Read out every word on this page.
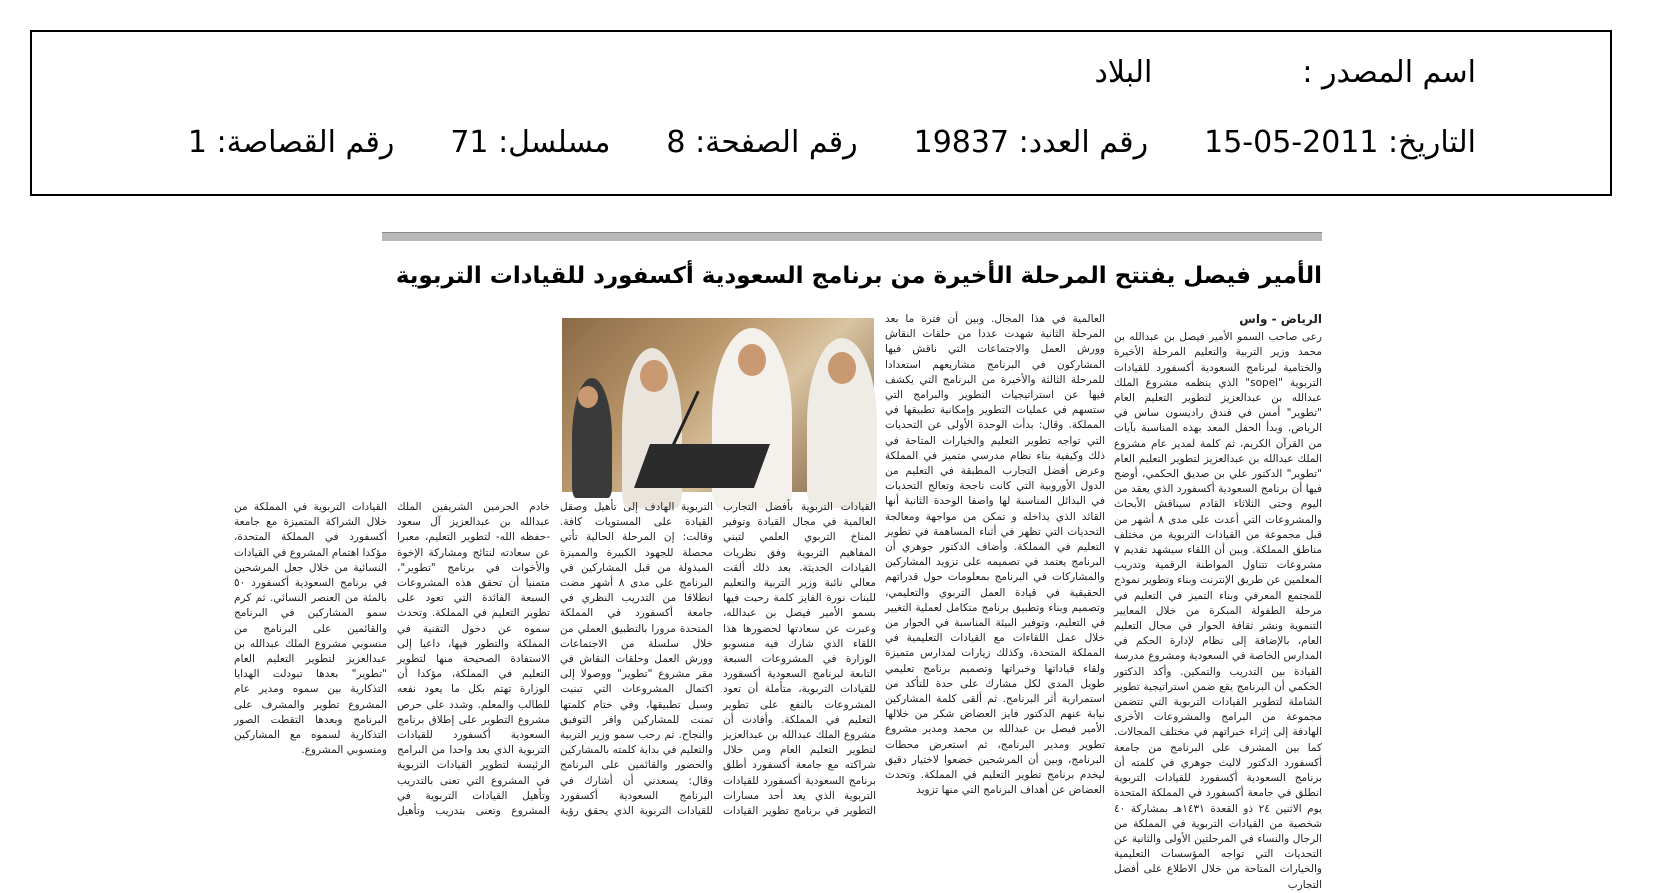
اسم المصدر :البلاد
التاريخ: 15-05-2011رقم العدد: 19837رقم الصفحة: 8مسلسل: 71رقم القصاصة: 1
الأمير فيصل يفتتح المرحلة الأخيرة من برنامج السعودية أكسفورد للقيادات التربوية
الرياض - واس

رعى صاحب السمو الأمير فيصل بن عبدالله بن محمد وزير التربية والتعليم المرحلة الأخيرة والختامية لبرنامج السعودية أكسفورد للقيادات التربوية "sopel" الذي ينظمه مشروع الملك عبدالله بن عبدالعزيز لتطوير التعليم العام "تطوير" أمس في فندق راديسون ساس في الرياض. وبدأ الحفل المعد بهذه المناسبة بآيات من القرآن الكريم، ثم كلمة لمدير عام مشروع الملك عبدالله بن عبدالعزيز لتطوير التعليم العام "تطوير" الدكتور علي بن صديق الحكمي، أوضح فيها أن برنامج السعودية أكسفورد الذي يعقد من اليوم وحتى الثلاثاء القادم سيناقش الأبحاث والمشروعات التي أعدت على مدى ٨ أشهر من قبل مجموعة من القيادات التربوية من مختلف مناطق المملكة. وبين أن اللقاء سيشهد تقديم ٧ مشروعات تتناول المواطنة الرقمية وتدريب المعلمين عن طريق الإنترنت وبناء وتطوير نموذج للمجتمع المعرفي وبناء التميز في التعليم في مرحلة الطفولة المبكرة من خلال المعايير التنموية ونشر ثقافة الحوار في مجال التعليم العام، بالإضافة إلى نظام لإدارة الحكم في المدارس الخاصة في السعودية ومشروع مدرسة القيادة بين التدريب والتمكين. وأكد الدكتور الحكمي أن البرنامج يقع ضمن استراتيجية تطوير الشاملة لتطوير القيادات التربوية التي تتضمن مجموعة من البرامج والمشروعات الأخرى الهادفة إلى إثراء خبراتهم في مختلف المجالات. كما بين المشرف على البرنامج من جامعة أكسفورد الدكتور لاليث جوهري في كلمته أن برنامج السعودية أكسفورد للقيادات التربوية انطلق في جامعة أكسفورد في المملكة المتحدة يوم الاثنين ٢٤ ذو القعدة ١٤٣١هـ بمشاركة ٤٠ شخصية من القيادات التربوية في المملكة من الرجال والنساء في المرحلتين الأولى والثانية عن التحديات التي تواجه المؤسسات التعليمية والخيارات المتاحة من خلال الاطلاع على أفضل التجارب

العالمية في هذا المجال. وبين أن فترة ما بعد المرحلة الثانية شهدت عددا من حلقات النقاش وورش العمل والاجتماعات التي ناقش فيها المشاركون في البرنامج مشاريعهم استعدادا للمرحلة الثالثة والأخيرة من البرنامج التي يكشف فيها عن استراتيجيات التطوير والبرامج التي ستسهم في عمليات التطوير وإمكانية تطبيقها في المملكة. وقال: بدأت الوحدة الأولى عن التحديات التي تواجه تطوير التعليم والخيارات المتاحة في ذلك وكيفية بناء نظام مدرسي متميز في المملكة وعرض أفضل التجارب المطبقة في التعليم من الدول الأوروبية التي كانت ناجحة وتعالج التحديات في البدائل المناسبة لها واصفا الوحدة الثانية أنها القائد الذي يداخله و تمكن من مواجهة ومعالجة التحديات التي تظهر في أثناء المساهمة في تطوير التعليم في المملكة. وأضاف الدكتور جوهري أن البرنامج يعتمد في تصميمه على تزويد المشاركين والمشاركات في البرنامج بمعلومات حول قدراتهم الحقيقية في قيادة العمل التربوي والتعليمي، وتصميم وبناء وتطبيق برنامج متكامل لعملية التغيير في التعليم، وتوفير البيئة المناسبة في الحوار من خلال عمل اللقاءات مع القيادات التعليمية في المملكة المتحدة، وكذلك زيارات لمدارس متميزة ولقاء قياداتها وخبراتها وتصميم برنامج تعليمي طويل المدى لكل مشارك على حدة للتأكد من استمرارية أثر البرنامج. ثم ألقى كلمة المشاركين نيابة عنهم الدكتور فايز العضاض شكر من خلالها الأمير فيصل بن عبدالله بن محمد ومدير مشروع تطوير ومدير البرنامج، ثم استعرض محطات البرنامج، وبين أن المرشحين خضعوا لاختيار دقيق ليخدم برنامج تطوير التعليم في المملكة. وتحدث العضاض عن أهداف البرنامج التي منها تزويد

القيادات التربوية بأفضل التجارب العالمية في مجال القيادة وتوفير المناخ التربوي العلمي لتبني المفاهيم التربوية وفق نظريات القيادات الحديثة. بعد ذلك ألقت معالي نائبة وزير التربية والتعليم للبنات نورة الفايز كلمة رحبت فيها بسمو الأمير فيصل بن عبدالله، وعبرت عن سعادتها لحضورها هذا اللقاء الذي شارك فيه منسوبو الوزارة في المشروعات السبعة التابعة لبرنامج السعودية أكسفورد للقيادات التربوية، متأملة أن تعود المشروعات بالنفع على تطوير التعليم في المملكة. وأفادت أن مشروع الملك عبدالله بن عبدالعزيز لتطوير التعليم العام ومن خلال شراكته مع جامعة أكسفورد أطلق برنامج السعودية أكسفورد للقيادات التربوية الذي يعد أحد مسارات التطوير في برنامج تطوير القيادات التربوية الهادف إلى تأهيل وصقل القيادة على المستويات كافة. وقالت: إن المرحلة الحالية تأتي محصلة للجهود الكبيرة والمميزة المبذولة من قبل المشاركين في البرنامج على مدى ٨ أشهر مضت انطلاقا من التدريب النظري في جامعة أكسفورد في المملكة المتحدة مرورا بالتطبيق العملي من خلال سلسلة من الاجتماعات وورش العمل وحلقات النقاش في مقر مشروع "تطوير" ووصولا إلى اكتمال المشروعات التي تبنيت وسبل تطبيقها، وفي ختام كلمتها تمنت للمشاركين وافر التوفيق والنجاح. ثم رحب سمو وزير التربية والتعليم في بداية كلمته بالمشاركين والحضور والقائمين على البرنامج وقال: يسعدني أن أشارك في البرنامج السعودية أكسفورد للقيادات التربوية الذي يحقق رؤية خادم الحرمين الشريفين الملك عبدالله بن عبدالعزيز آل سعود -حفظه الله- لتطوير التعليم، معبرا عن سعادته لنتائج ومشاركة الإخوة والأخوات في برنامج "تطوير"، متمنيا أن تحقق هذه المشروعات السبعة الفائدة التي تعود على تطوير التعليم في المملكة. وتحدث سموه عن دخول التقنية في المملكة والتطور فيها، داعيا إلى الاستفادة الصحيحة منها لتطوير التعليم في المملكة، مؤكدا أن الوزارة تهتم بكل ما يعود نفعه للطالب والمعلم. وشدد على حرص مشروع التطوير على إطلاق برنامج السعودية أكسفورد للقيادات التربوية الذي يعد واحدا من البرامج الرئيسة لتطوير القيادات التربوية في المشروع التي تعنى بالتدريب وتأهيل القيادات التربوية في المشروع وتعنى بتدريب وتأهيل القيادات التربوية في المملكة من خلال الشراكة المتميزة مع جامعة أكسفورد في المملكة المتحدة، مؤكدا اهتمام المشروع في القيادات النسائية من خلال جعل المرشحين في برنامج السعودية أكسفورد ٥٠ بالمئة من العنصر النسائي. ثم كرم سمو المشاركين في البرنامج والقائمين على البرنامج من منسوبي مشروع الملك عبدالله بن عبدالعزيز لتطوير التعليم العام "تطوير" بعدها تبودلت الهدايا التذكارية بين سموه ومدير عام المشروع تطوير والمشرف على البرنامج وبعدها التقطت الصور التذكارية لسموه مع المشاركين ومنسوبي المشروع.
